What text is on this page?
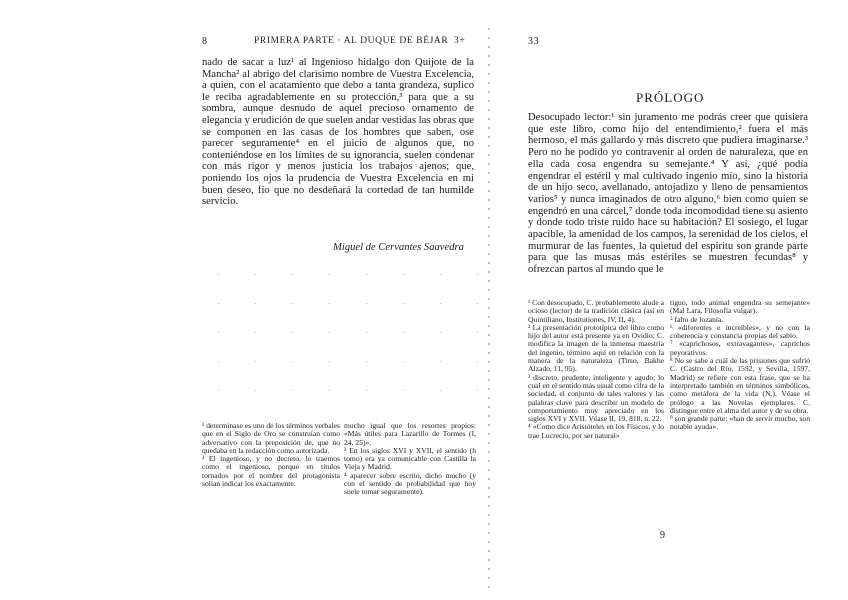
8	PRIMERA PARTE · AL DUQUE DE BÉJAR 3+
nado de sacar a luz¹ al Ingenioso hidalgo don Quijote de la Mancha² al abrigo del clarísimo nombre de Vuestra Excelencia, a quien, con el acatamiento que debo a tanta grandeza, suplico le reciba agradablemente en su protección,³ para que a su sombra, aunque desnudo de aquel precioso ornamento de elegancia y erudición de que suelen andar vestidas las obras que se componen en las casas de los hombres que saben, ose parecer seguramente⁴ en el juicio de algunos que, no conteniéndose en los límites de su ignorancia, suelen condenar con más rigor y menos justicia los trabajos ajenos; que, poniendo los ojos la prudencia de Vuestra Excelencia en mi buen deseo, fío que no desdeñará la cortedad de tan humilde servicio.
Miguel de Cervantes Saavedra
¹ determinase es uno de los términos verbales que en el Siglo de Oro se construían como adversativo con la preposición de, que no quedaba en la redacción como autorizada.
² El ingenioso, y no decreto, lo traemos como el ingenioso, porque en títulos tornados por el nombre del protagonista solían indicar los exactamente.
mucho igual que los resortes propios: «Más útiles para Lazarillo de Tormes (I, 24, 25)».
³ En los siglos XVI y XVII, el sentido (h tomo) era ya comunicable con Castilla la Vieja y Madrid.
⁴ aparecer sobre escrito, dicho mucho (y con el sentido de probabilidad que hoy suele tomar seguramente).
33
PRÓLOGO
Desocupado lector:¹ sin juramento me podrás creer que quisiera que este libro, como hijo del entendimiento,² fuera el más hermoso, el más gallardo y más discreto que pudiera imaginarse.³ Pero no he podido yo contravenir al orden de naturaleza, que en ella cada cosa engendra su semejante.⁴ Y así, ¿qué podía engendrar el estéril y mal cultivado ingenio mío, sino la historia de un hijo seco, avellanado, antojadizo y lleno de pensamientos varios⁵ y nunca imaginados de otro alguno,⁶ bien como quien se engendró en una cárcel,⁷ donde toda incomodidad tiene su asiento y donde todo triste ruido hace su habitación? El sosiego, el lugar apacible, la amenidad de los campos, la serenidad de los cielos, el murmurar de las fuentes, la quietud del espíritu son grande parte para que las musas más estériles se muestren fecundas⁸ y ofrezcan partos al mundo que le
¹ Con desocupado, C. probablemente alude a ocioso (lector) de la tradición clásica (así en Quintiliano, Institutiones, IV, II, 4).
² La presentación prototípica del libro como hijo del autor está presente ya en Ovidio; C. modifica la imagen de la inmensa maestría del ingenio, término aquí en relación con la manera de la naturaleza (Tirso, Bakhe Alzado, 11, 95).
³ discreto, prudente, inteligente y agudo; lo cual en el sentido más usual como cifra de la sociedad, el conjunto de tales valores y las palabras clave para describir un modelo de comportamiento muy apreciado en los siglos XVI y XVII. Véase II, 19, 818, n. 22.
⁴ «Como dice Aristóteles en los Físicos, y lo trae Lucrecio, por ser natural»
tiguo, todo animal engendra su semejante» (Mal Lara, Filosofía vulgar).
⁵ falto de lozanía.
⁶ «diferentes e increíbles», y no con la coherencia y constancia propias del sabio.
⁷ «caprichosos, extravagantes», caprichos peyorativos.
⁸ No se sabe a cuál de las prisiones que sufrió C. (Castro del Río, 1592, y Sevilla, 1597, Madrid) se refiere con esta frase, que se ha interpretado también en términos simbólicos, como metáfora de la vida (N.). Véase el prólogo a las Novelas ejemplares. C. distingue entre el alma del autor y de su obra.
⁹ son grande parte: «han de servir mucho, son notable ayuda».
9
